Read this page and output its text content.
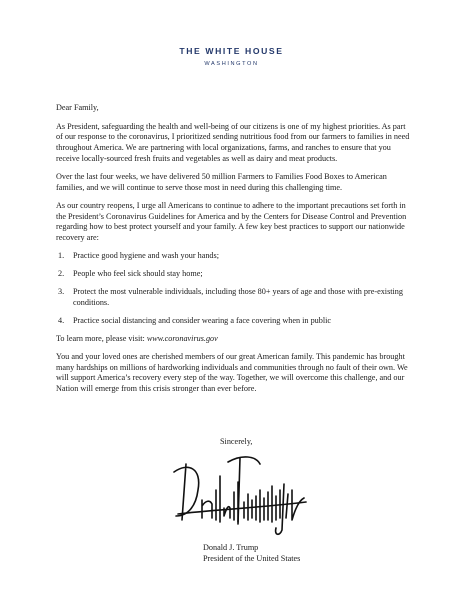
THE WHITE HOUSE
WASHINGTON

Dear Family,

As President, safeguarding the health and well-being of our citizens is one of my highest priorities. As part of our response to the coronavirus, I prioritized sending nutritious food from our farmers to families in need throughout America. We are partnering with local organizations, farms, and ranches to ensure that you receive locally-sourced fresh fruits and vegetables as well as dairy and meat products.

Over the last four weeks, we have delivered 50 million Farmers to Families Food Boxes to American families, and we will continue to serve those most in need during this challenging time.

As our country reopens, I urge all Americans to continue to adhere to the important precautions set forth in the President’s Coronavirus Guidelines for America and by the Centers for Disease Control and Prevention regarding how to best protect yourself and your family. A few key best practices to support our nationwide recovery are:

1. Practice good hygiene and wash your hands;
2. People who feel sick should stay home;
3. Protect the most vulnerable individuals, including those 80+ years of age and those with pre-existing conditions.
4. Practice social distancing and consider wearing a face covering when in public

To learn more, please visit: www.coronavirus.gov

You and your loved ones are cherished members of our great American family. This pandemic has brought many hardships on millions of hardworking individuals and communities through no fault of their own. We will support America’s recovery every step of the way. Together, we will overcome this challenge, and our Nation will emerge from this crisis stronger than ever before.

Sincerely,
Donald J. Trump
President of the United States
